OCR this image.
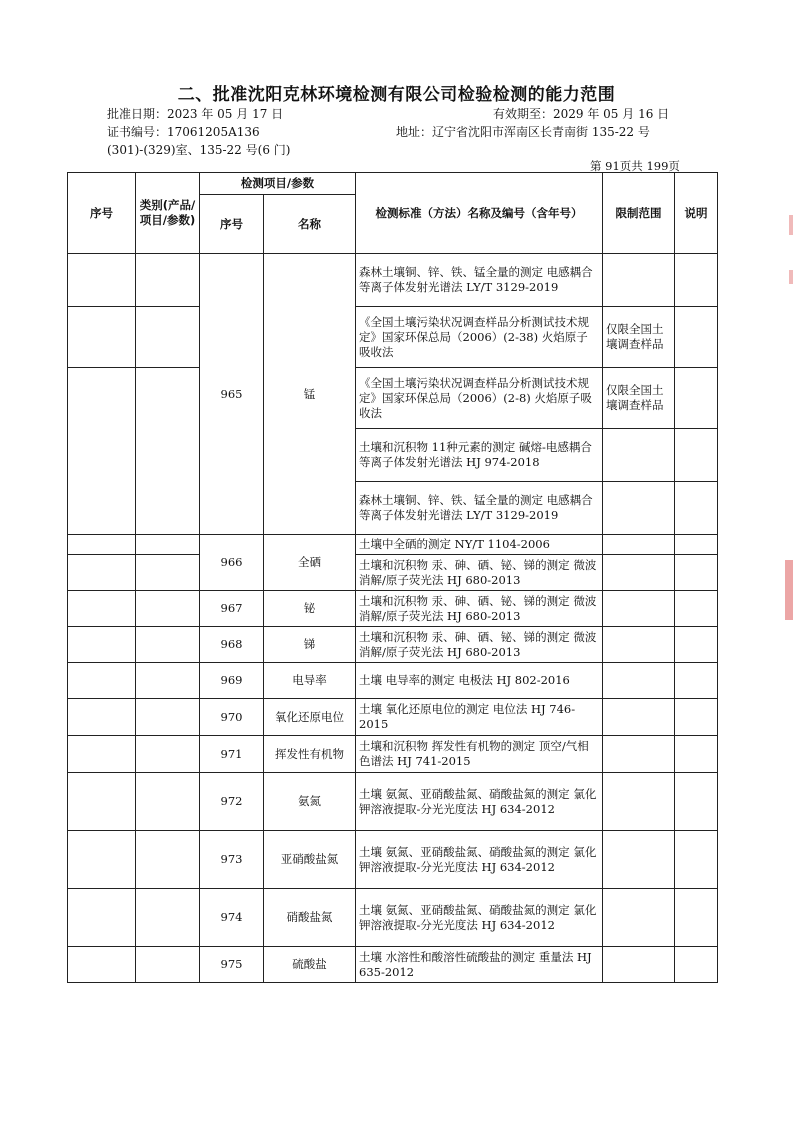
二、批准沈阳克林环境检测有限公司检验检测的能力范围
批准日期：2023 年 05 月 17 日	有效期至：2029 年 05 月 16 日
证书编号：17061205A136	地址：辽宁省沈阳市浑南区长青南街 135-22 号
(301)-(329)室、135-22 号(6 门)
第 91页共 199页
序号	类别(产品/项目/参数)	检测项目/参数		检测标准（方法）名称及编号（含年号）	限制范围	说明
		序号	名称			
		965	锰	森林土壤铜、锌、铁、锰全量的测定 电感耦合等离子体发射光谱法 LY/T 3129-2019		
				《全国土壤污染状况调查样品分析测试技术规定》国家环保总局（2006）(2-38) 火焰原子吸收法	仅限全国土壤调查样品	
				《全国土壤污染状况调查样品分析测试技术规定》国家环保总局（2006）(2-8) 火焰原子吸收法	仅限全国土壤调查样品	
				土壤和沉积物 11种元素的测定 碱熔-电感耦合等离子体发射光谱法 HJ 974-2018		
				森林土壤铜、锌、铁、锰全量的测定 电感耦合等离子体发射光谱法 LY/T 3129-2019		
		966	全硒	土壤中全硒的测定 NY/T 1104-2006		
				土壤和沉积物 汞、砷、硒、铋、锑的测定 微波消解/原子荧光法 HJ 680-2013		
		967	铋	土壤和沉积物 汞、砷、硒、铋、锑的测定 微波消解/原子荧光法 HJ 680-2013		
		968	锑	土壤和沉积物 汞、砷、硒、铋、锑的测定 微波消解/原子荧光法 HJ 680-2013		
		969	电导率	土壤 电导率的测定 电极法 HJ 802-2016		
		970	氧化还原电位	土壤 氧化还原电位的测定 电位法 HJ 746-2015		
		971	挥发性有机物	土壤和沉积物 挥发性有机物的测定 顶空/气相色谱法 HJ 741-2015		
		972	氨氮	土壤 氨氮、亚硝酸盐氮、硝酸盐氮的测定 氯化钾溶液提取-分光光度法 HJ 634-2012		
		973	亚硝酸盐氮	土壤 氨氮、亚硝酸盐氮、硝酸盐氮的测定 氯化钾溶液提取-分光光度法 HJ 634-2012		
		974	硝酸盐氮	土壤 氨氮、亚硝酸盐氮、硝酸盐氮的测定 氯化钾溶液提取-分光光度法 HJ 634-2012		
		975	硫酸盐	土壤 水溶性和酸溶性硫酸盐的测定 重量法 HJ 635-2012		
